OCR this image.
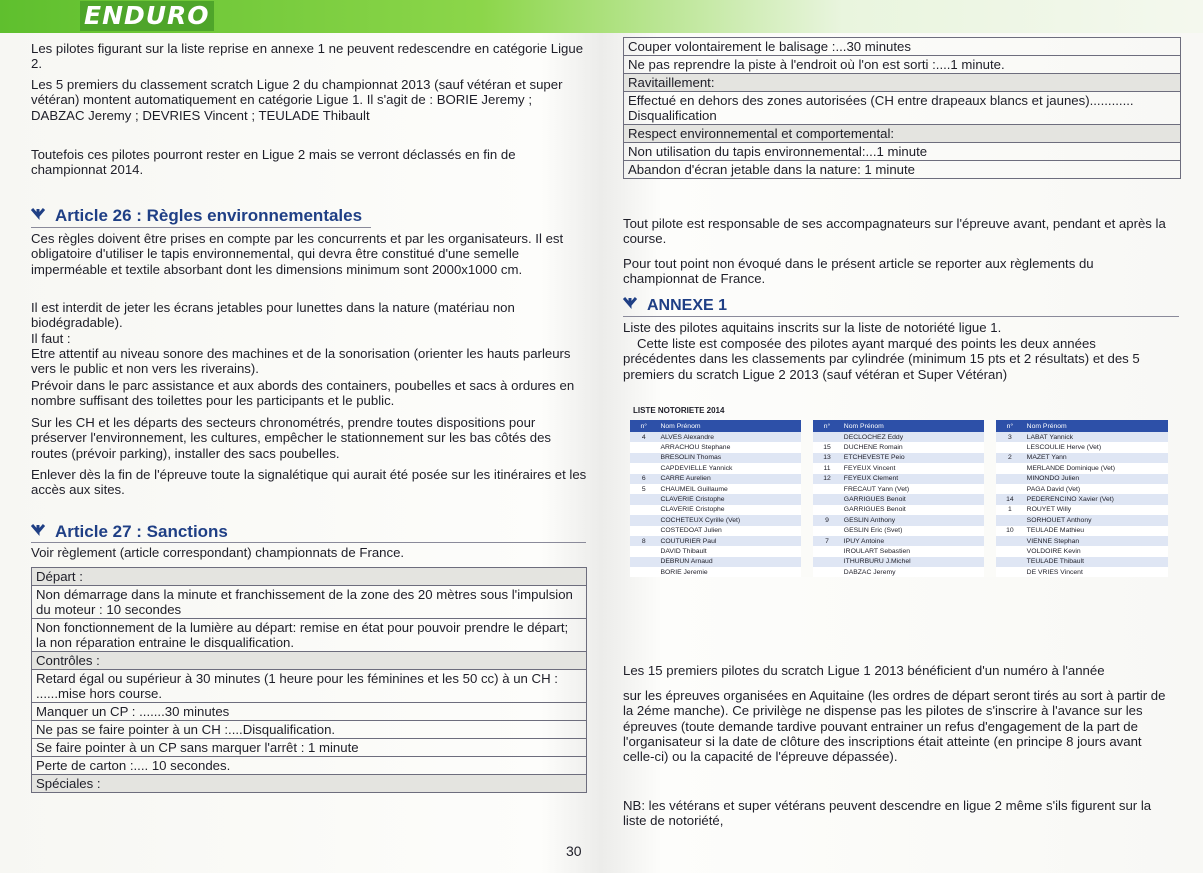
ENDURO

Les pilotes figurant sur la liste reprise en annexe 1 ne peuvent redescendre en catégorie Ligue 2.

Les 5 premiers du classement scratch Ligue 2 du championnat 2013 (sauf vétéran et super vétéran) montent automatiquement en catégorie Ligue 1. Il s'agit de : BORIE Jeremy ; DABZAC Jeremy ; DEVRIES Vincent ; TEULADE Thibault

Toutefois ces pilotes pourront rester en Ligue 2 mais se verront déclassés en fin de championnat 2014.

Article 26 : Règles environnementales

Ces règles doivent être prises en compte par les concurrents et par les organisateurs. Il est obligatoire d'utiliser le tapis environnemental, qui devra être constitué d'une semelle imperméable et textile absorbant dont les dimensions minimum sont 2000x1000 cm.

Il est interdit de jeter les écrans jetables pour lunettes dans la nature (matériau non biodégradable).

Il faut :

Etre attentif au niveau sonore des machines et de la sonorisation (orienter les hauts parleurs vers le public et non vers les riverains).

Prévoir dans le parc assistance et aux abords des containers, poubelles et sacs à ordures en nombre suffisant des toilettes pour les participants et le public.

Sur les CH et les départs des secteurs chronométrés, prendre toutes dispositions pour préserver l'environnement, les cultures, empêcher le stationnement sur les bas côtés des routes (prévoir parking), installer des sacs poubelles.

Enlever dès la fin de l'épreuve toute la signalétique qui aurait été posée sur les itinéraires et les accès aux sites.

Article 27 : Sanctions

Voir règlement (article correspondant) championnats de France.

Départ :
Non démarrage dans la minute et franchissement de la zone des 20 mètres sous l'impulsion du moteur : 10 secondes
Non fonctionnement de la lumière au départ: remise en état pour pouvoir prendre le départ; la non réparation entraine le disqualification.
Contrôles :
Retard égal ou supérieur à 30 minutes (1 heure pour les féminines et les 50 cc) à un CH : ......mise hors course.
Manquer un CP : .......30 minutes
Ne pas se faire pointer à un CH :....Disqualification.
Se faire pointer à un CP sans marquer l'arrêt : 1 minute
Perte de carton :.... 10 secondes.
Spéciales :
Couper volontairement le balisage :...30 minutes
Ne pas reprendre la piste à l'endroit où l'on est sorti :....1 minute.
Ravitaillement:
Effectué en dehors des zones autorisées (CH entre drapeaux blancs et jaunes)............ Disqualification
Respect environnemental et comportemental:
Non utilisation du tapis environnemental:...1 minute
Abandon d'écran jetable dans la nature: 1 minute

Tout pilote est responsable de ses accompagnateurs sur l'épreuve avant, pendant et après la course.

Pour tout point non évoqué dans le présent article se reporter aux règlements du championnat de France.

ANNEXE 1

Liste des pilotes aquitains inscrits sur la liste de notoriété ligue 1.

Cette liste est composée des pilotes ayant marqué des points les deux années précédentes dans les classements par cylindrée (minimum 15 pts et 2 résultats) et des 5 premiers du scratch Ligue 2 2013 (sauf vétéran et Super Vétéran)

LISTE NOTORIETE 2014
n°	Nom Prénom		n°	Nom Prénom		n°	Nom Prénom
4	ALVES Alexandre			DECLOCHEZ Eddy		3	LABAT Yannick
	ARRACHOU Stephane		15	DUCHENE Romain			LESCOULIE Herve (Vet)
	BRESOLIN Thomas		13	ETCHEVESTE Peio		2	MAZET Yann
	CAPDEVIELLE Yannick		11	FEYEUX Vincent			MERLANDE Dominique (Vet)
6	CARRE Aurelien		12	FEYEUX Clement			MINONDO Julien
5	CHAUMEIL Guillaume			FRECAUT Yann (Vet)			PAGA David (Vet)
	CLAVERIE Cristophe			GARRIGUES Benoit		14	PEDERENCINO Xavier (Vet)
	CLAVERIE Cristophe			GARRIGUES Benoit		1	ROUYET Willy
	COCHETEUX Cyrille (Vet)		9	GESLIN Anthony			SORHOUET Anthony
	COSTEDOAT Julien			GESLIN Eric (Svet)		10	TEULADE Mathieu
8	COUTURIER Paul		7	IPUY Antoine			VIENNE Stephan
	DAVID Thibault			IROULART Sebastien			VOLDOIRE Kevin
	DEBRUN Arnaud			ITHURBURU J.Michel			TEULADE Thibault
	BORIE Jeremie			DABZAC Jeremy			DE VRIES Vincent

Les 15 premiers pilotes du scratch Ligue 1 2013 bénéficient d'un numéro à l'année

sur les épreuves organisées en Aquitaine (les ordres de départ seront tirés au sort à partir de la 2éme manche). Ce privilège ne dispense pas les pilotes de s'inscrire à l'avance sur les épreuves (toute demande tardive pouvant entrainer un refus d'engagement de la part de l'organisateur si la date de clôture des inscriptions était atteinte (en principe 8 jours avant celle-ci) ou la capacité de l'épreuve dépassée).

NB: les vétérans et super vétérans peuvent descendre en ligue 2 même s'ils figurent sur la liste de notoriété,

30
